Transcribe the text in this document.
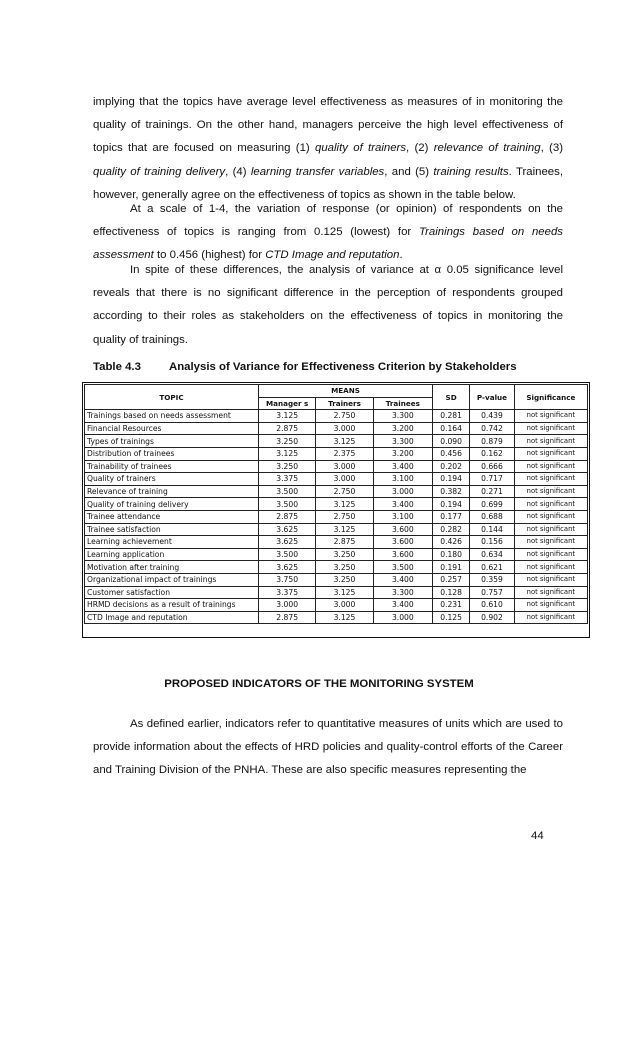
implying that the topics have average level effectiveness as measures of in monitoring the quality of trainings. On the other hand, managers perceive the high level effectiveness of topics that are focused on measuring (1) quality of trainers, (2) relevance of training, (3) quality of training delivery, (4) learning transfer variables, and (5) training results. Trainees, however, generally agree on the effectiveness of topics as shown in the table below.

At a scale of 1-4, the variation of response (or opinion) of respondents on the effectiveness of topics is ranging from 0.125 (lowest) for Trainings based on needs assessment to 0.456 (highest) for CTD Image and reputation.

In spite of these differences, the analysis of variance at α 0.05 significance level reveals that there is no significant difference in the perception of respondents grouped according to their roles as stakeholders on the effectiveness of topics in monitoring the quality of trainings.

Table 4.3 Analysis of Variance for Effectiveness Criterion by Stakeholders
TOPIC	MEANS			SD	P-value	Significance
	Manager s	Trainers	Trainees			
Trainings based on needs assessment	3.125	2.750	3.300	0.281	0.439	not significant
Financial Resources	2.875	3.000	3.200	0.164	0.742	not significant
Types of trainings	3.250	3.125	3.300	0.090	0.879	not significant
Distribution of trainees	3.125	2.375	3.200	0.456	0.162	not significant
Trainability of trainees	3.250	3.000	3.400	0.202	0.666	not significant
Quality of trainers	3.375	3.000	3.100	0.194	0.717	not significant
Relevance of training	3.500	2.750	3.000	0.382	0.271	not significant
Quality of training delivery	3.500	3.125	3.400	0.194	0.699	not significant
Trainee attendance	2.875	2.750	3.100	0.177	0.688	not significant
Trainee satisfaction	3.625	3.125	3.600	0.282	0.144	not significant
Learning achievement	3.625	2.875	3.600	0.426	0.156	not significant
Learning application	3.500	3.250	3.600	0.180	0.634	not significant
Motivation after training	3.625	3.250	3.500	0.191	0.621	not significant
Organizational impact of trainings	3.750	3.250	3.400	0.257	0.359	not significant
Customer satisfaction	3.375	3.125	3.300	0.128	0.757	not significant
HRMD decisions as a result of trainings	3.000	3.000	3.400	0.231	0.610	not significant
CTD Image and reputation	2.875	3.125	3.000	0.125	0.902	not significant
PROPOSED INDICATORS OF THE MONITORING SYSTEM

As defined earlier, indicators refer to quantitative measures of units which are used to provide information about the effects of HRD policies and quality-control efforts of the Career and Training Division of the PNHA. These are also specific measures representing the

44
